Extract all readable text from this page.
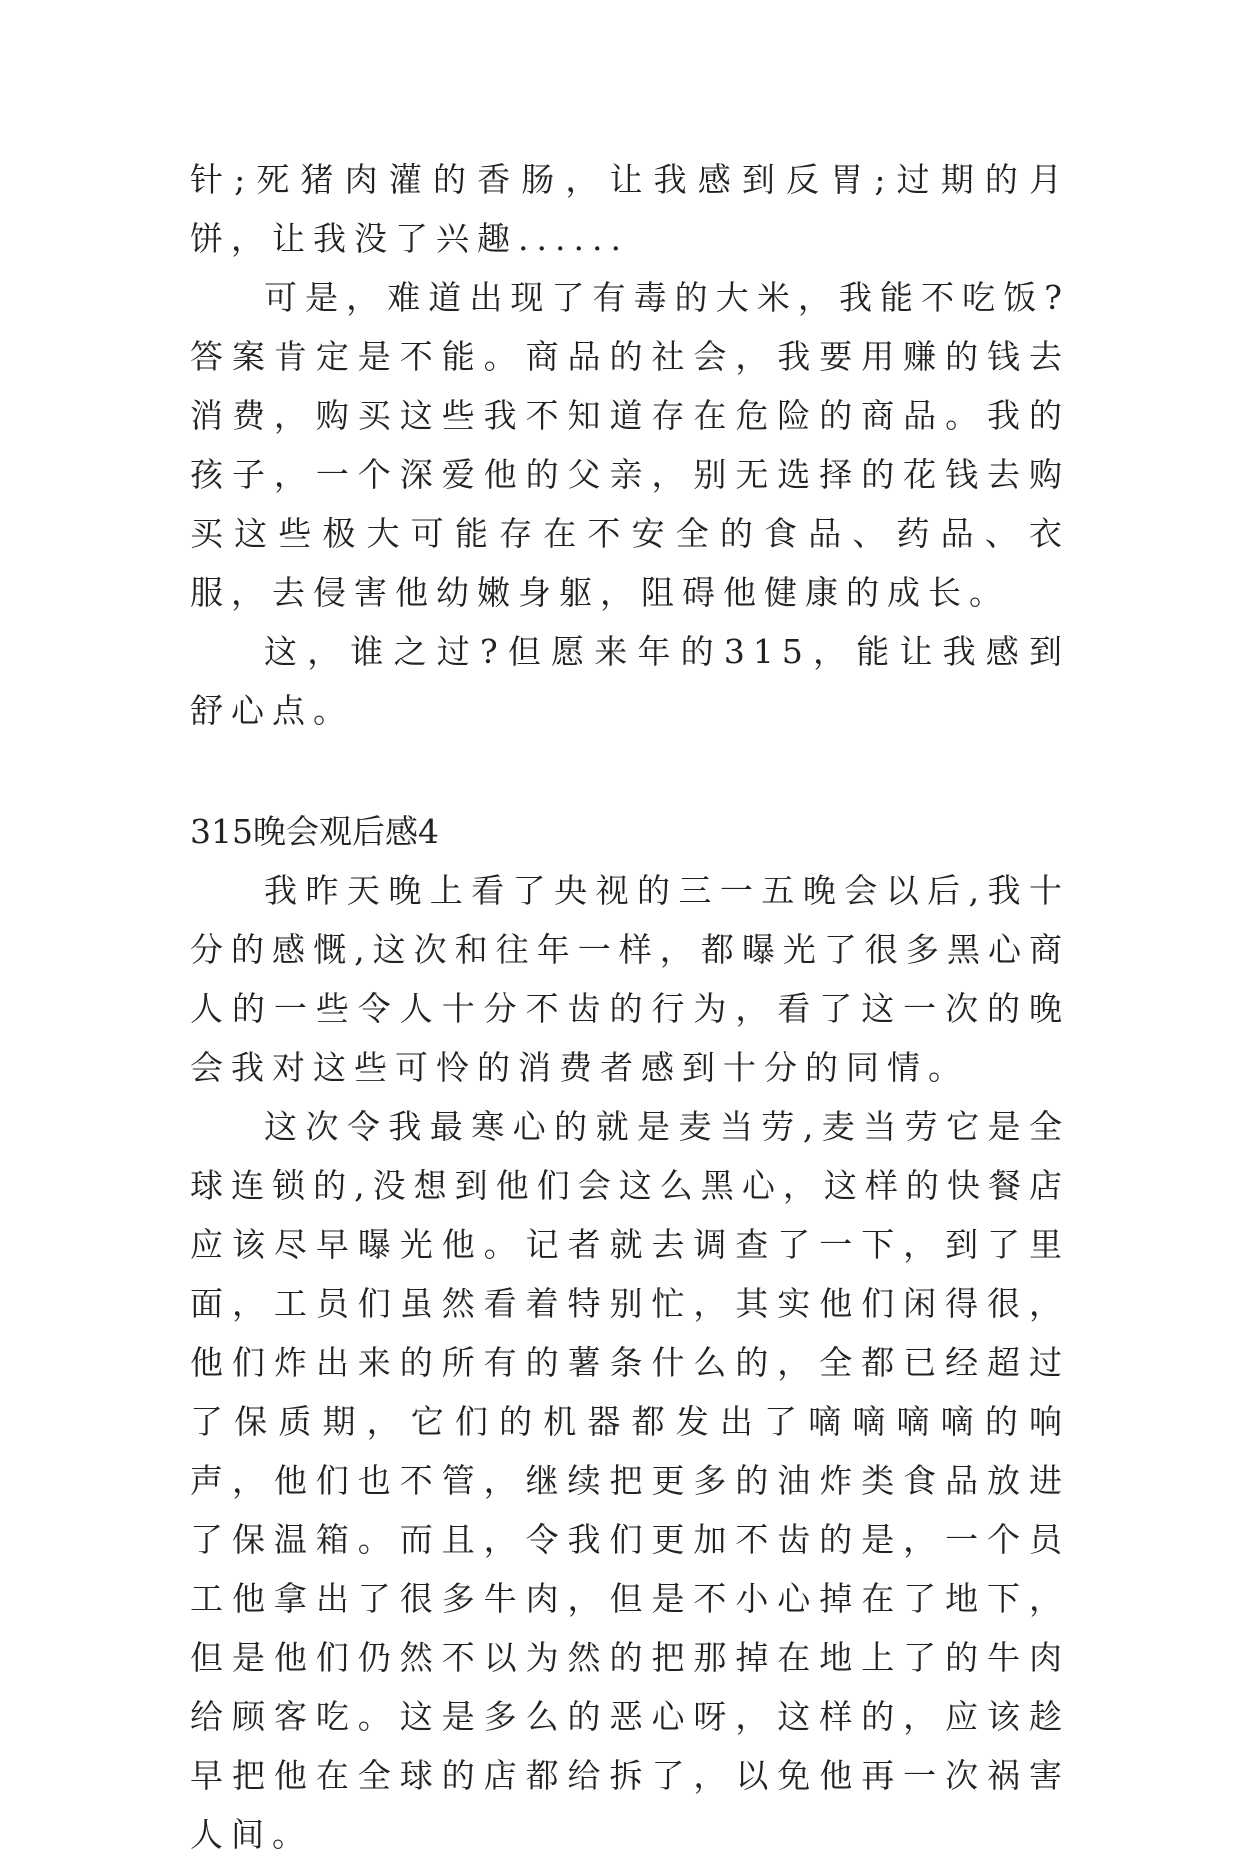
针;死猪肉灌的香肠，让我感到反胃;过期的月饼，让我没了兴趣......

可是，难道出现了有毒的大米，我能不吃饭?答案肯定是不能。商品的社会，我要用赚的钱去消费，购买这些我不知道存在危险的商品。我的孩子，一个深爱他的父亲，别无选择的花钱去购买这些极大可能存在不安全的食品、药品、衣服，去侵害他幼嫩身躯，阻碍他健康的成长。

这，谁之过?但愿来年的315，能让我感到舒心点。

315晚会观后感4

我昨天晚上看了央视的三一五晚会以后,我十分的感慨,这次和往年一样，都曝光了很多黑心商人的一些令人十分不齿的行为，看了这一次的晚会我对这些可怜的消费者感到十分的同情。

这次令我最寒心的就是麦当劳,麦当劳它是全球连锁的,没想到他们会这么黑心，这样的快餐店应该尽早曝光他。记者就去调查了一下，到了里面，工员们虽然看着特别忙，其实他们闲得很，他们炸出来的所有的薯条什么的，全都已经超过了保质期，它们的机器都发出了嘀嘀嘀嘀的响声，他们也不管，继续把更多的油炸类食品放进了保温箱。而且，令我们更加不齿的是，一个员工他拿出了很多牛肉，但是不小心掉在了地下，但是他们仍然不以为然的把那掉在地上了的牛肉给顾客吃。这是多么的恶心呀，这样的，应该趁早把他在全球的店都给拆了，以免他再一次祸害人间。
